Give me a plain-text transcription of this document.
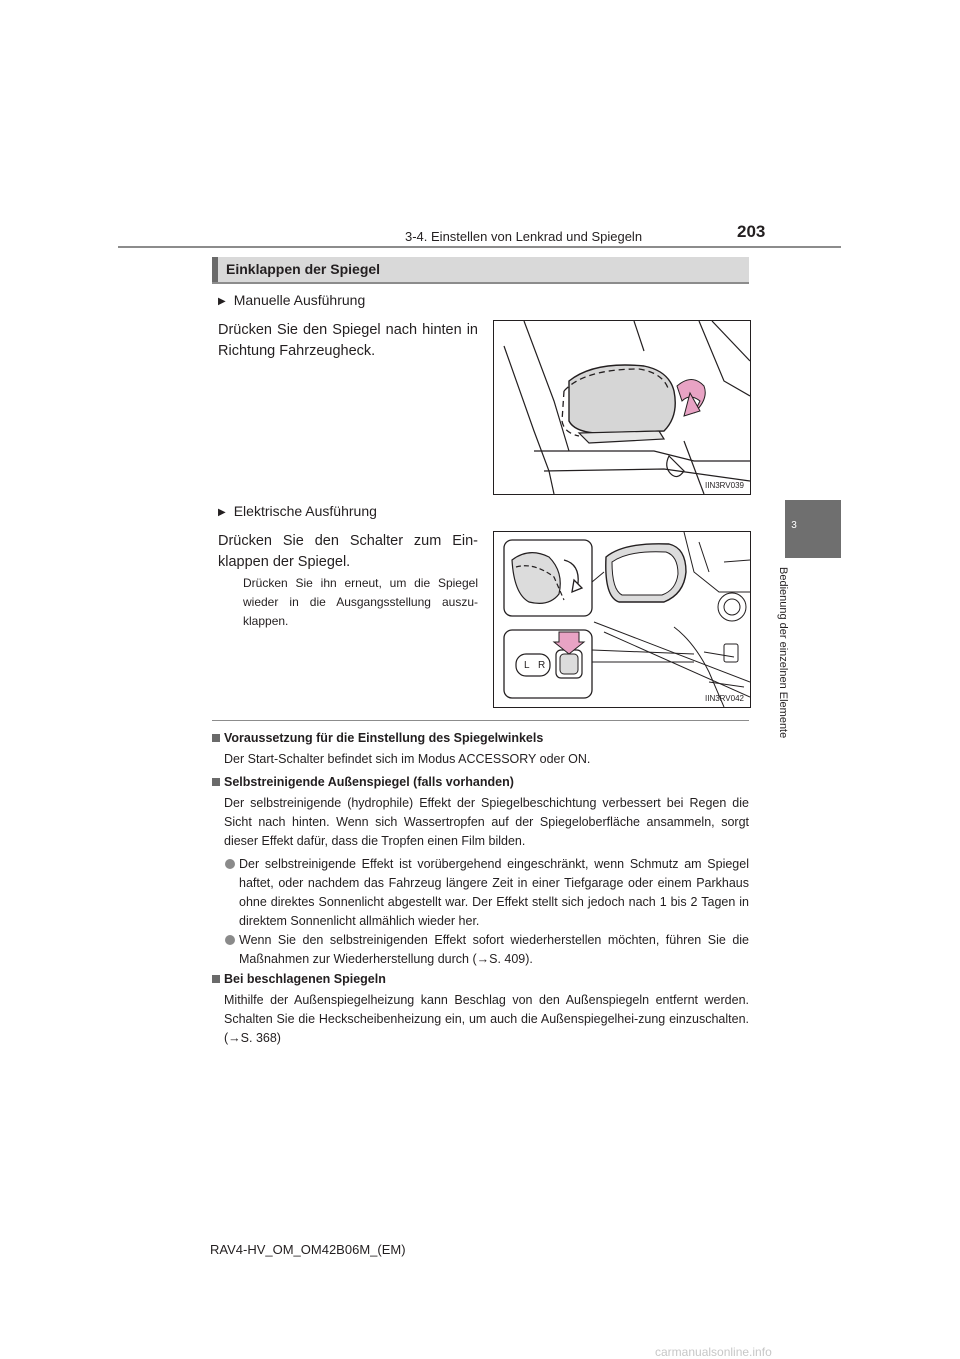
3-4. Einstellen von Lenkrad und Spiegeln	203
3
Bedienung der einzelnen Elemente
Einklappen der Spiegel
▶ Manuelle Ausführung
Drücken Sie den Spiegel nach hinten in Richtung Fahrzeugheck.
IIN3RV039
▶ Elektrische Ausführung
Drücken Sie den Schalter zum Ein-klappen der Spiegel.
Drücken Sie ihn erneut, um die Spiegel wieder in die Ausgangsstellung auszu-klappen.
L R
IIN3RV042
Voraussetzung für die Einstellung des Spiegelwinkels
Der Start-Schalter befindet sich im Modus ACCESSORY oder ON.
Selbstreinigende Außenspiegel (falls vorhanden)
Der selbstreinigende (hydrophile) Effekt der Spiegelbeschichtung verbessert bei Regen die Sicht nach hinten. Wenn sich Wassertropfen auf der Spiegeloberfläche ansammeln, sorgt dieser Effekt dafür, dass die Tropfen einen Film bilden.
Der selbstreinigende Effekt ist vorübergehend eingeschränkt, wenn Schmutz am Spiegel haftet, oder nachdem das Fahrzeug längere Zeit in einer Tiefgarage oder einem Parkhaus ohne direktes Sonnenlicht abgestellt war. Der Effekt stellt sich jedoch nach 1 bis 2 Tagen in direktem Sonnenlicht allmählich wieder her.
Wenn Sie den selbstreinigenden Effekt sofort wiederherstellen möchten, führen Sie die Maßnahmen zur Wiederherstellung durch (→S. 409).
Bei beschlagenen Spiegeln
Mithilfe der Außenspiegelheizung kann Beschlag von den Außenspiegeln entfernt werden. Schalten Sie die Heckscheibenheizung ein, um auch die Außenspiegelhei-zung einzuschalten. (→S. 368)
RAV4-HV_OM_OM42B06M_(EM)
carmanualsonline.info
